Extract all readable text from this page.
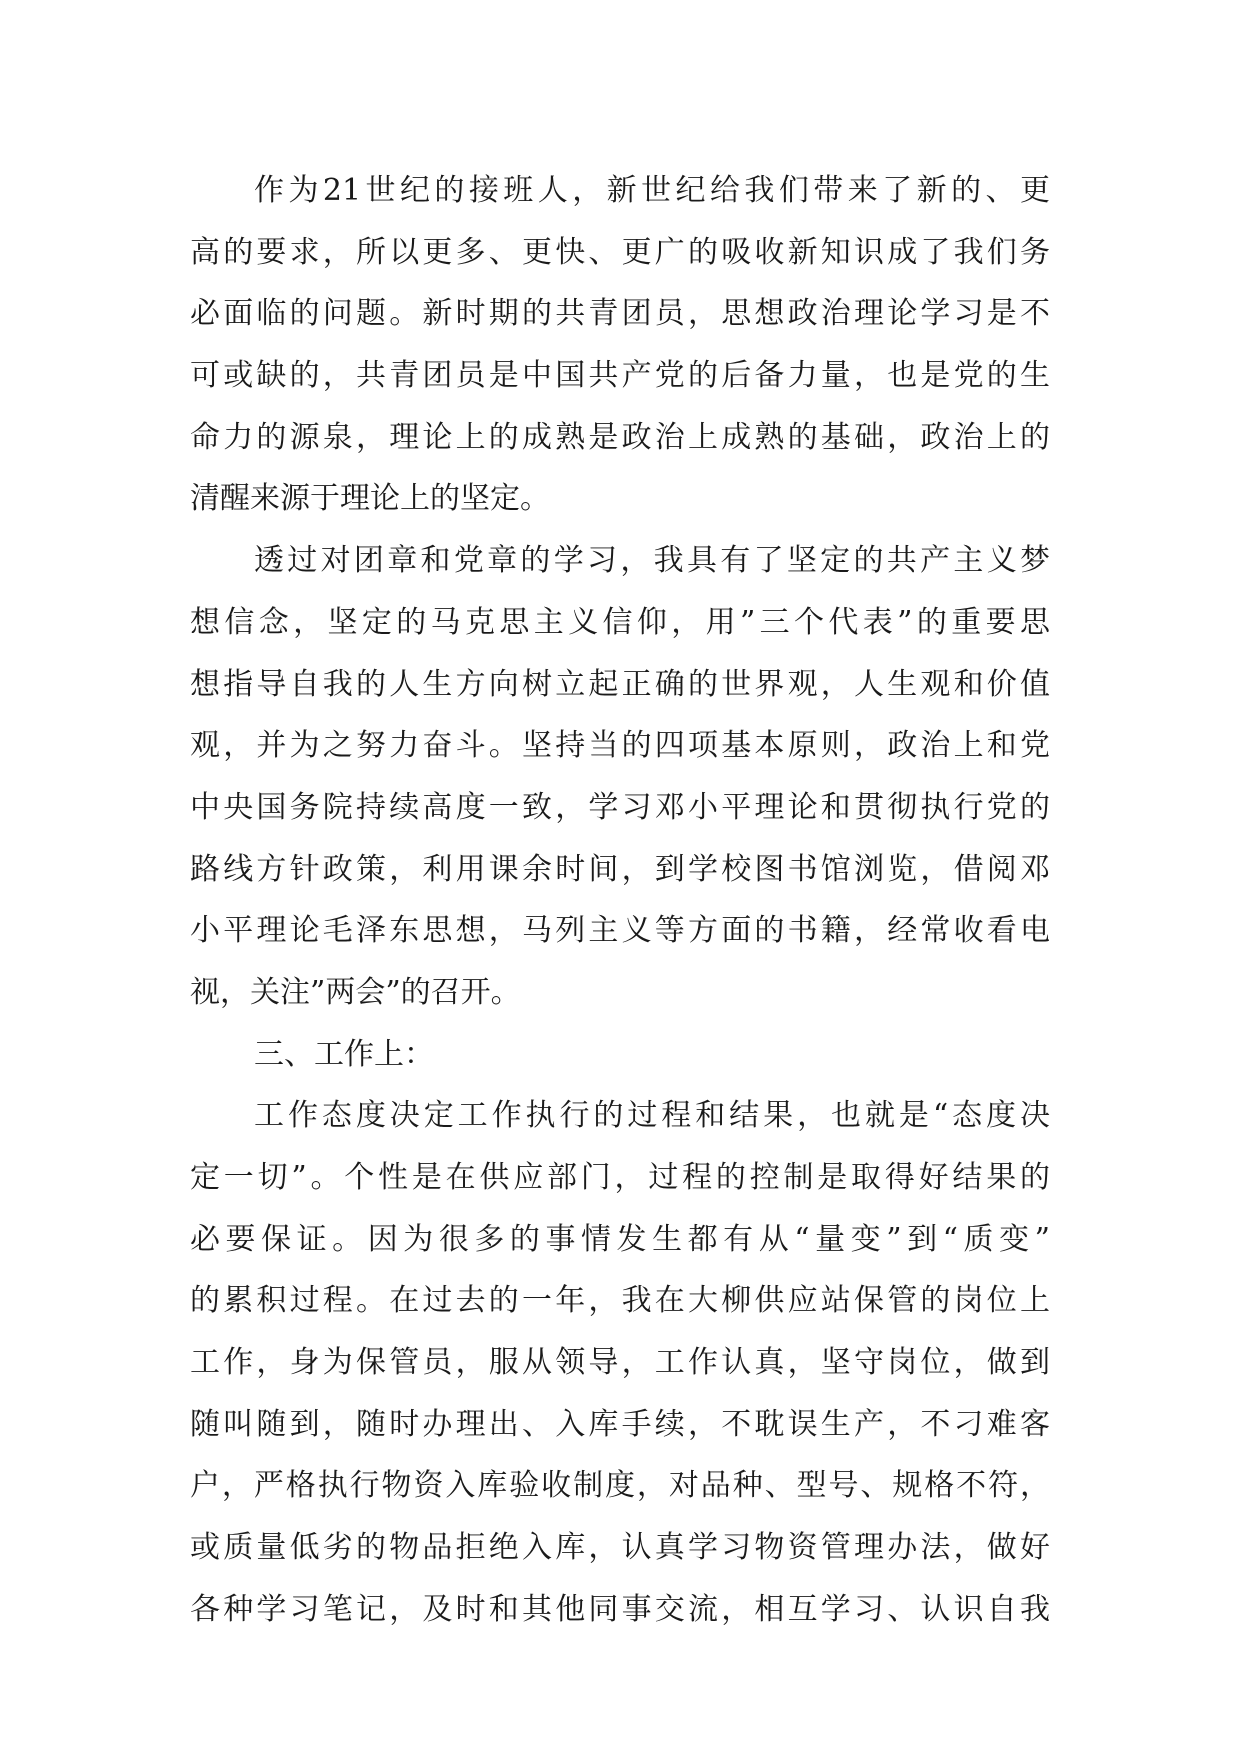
作为21世纪的接班人，新世纪给我们带来了新的、更
高的要求，所以更多、更快、更广的吸收新知识成了我们务
必面临的问题。新时期的共青团员，思想政治理论学习是不
可或缺的，共青团员是中国共产党的后备力量，也是党的生
命力的源泉，理论上的成熟是政治上成熟的基础，政治上的
清醒来源于理论上的坚定。
透过对团章和党章的学习，我具有了坚定的共产主义梦
想信念，坚定的马克思主义信仰，用”三个代表”的重要思
想指导自我的人生方向树立起正确的世界观，人生观和价值
观，并为之努力奋斗。坚持当的四项基本原则，政治上和党
中央国务院持续高度一致，学习邓小平理论和贯彻执行党的
路线方针政策，利用课余时间，到学校图书馆浏览，借阅邓
小平理论毛泽东思想，马列主义等方面的书籍，经常收看电
视，关注”两会”的召开。
三、工作上：
工作态度决定工作执行的过程和结果，也就是“态度决
定一切”。个性是在供应部门，过程的控制是取得好结果的
必要保证。因为很多的事情发生都有从“量变”到“质变”
的累积过程。在过去的一年，我在大柳供应站保管的岗位上
工作，身为保管员，服从领导，工作认真，坚守岗位，做到
随叫随到，随时办理出、入库手续，不耽误生产，不刁难客
户，严格执行物资入库验收制度，对品种、型号、规格不符，
或质量低劣的物品拒绝入库，认真学习物资管理办法，做好
各种学习笔记，及时和其他同事交流，相互学习、认识自我
